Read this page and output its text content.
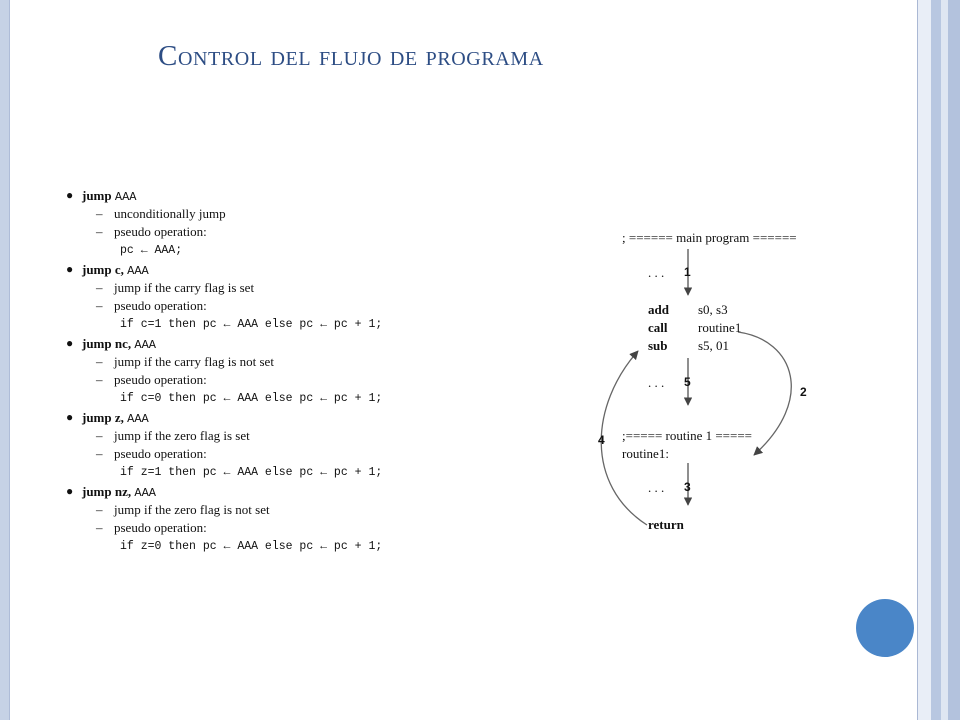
Control del flujo de programa
● jump AAA
– unconditionally jump
– pseudo operation:
pc ← AAA;
● jump c, AAA
– jump if the carry flag is set
– pseudo operation:
if c=1 then pc ← AAA else pc ← pc + 1;
● jump nc, AAA
– jump if the carry flag is not set
– pseudo operation:
if c=0 then pc ← AAA else pc ← pc + 1;
● jump z, AAA
– jump if the zero flag is set
– pseudo operation:
if z=1 then pc ← AAA else pc ← pc + 1;
● jump nz, AAA
– jump if the zero flag is not set
– pseudo operation:
if z=0 then pc ← AAA else pc ← pc + 1;
; ====== main program ======
. . . 1
add s0, s3
call routine1
sub s5, 01
. . . 5
2
4 ;===== routine 1 =====
routine1:
. . . 3
return
